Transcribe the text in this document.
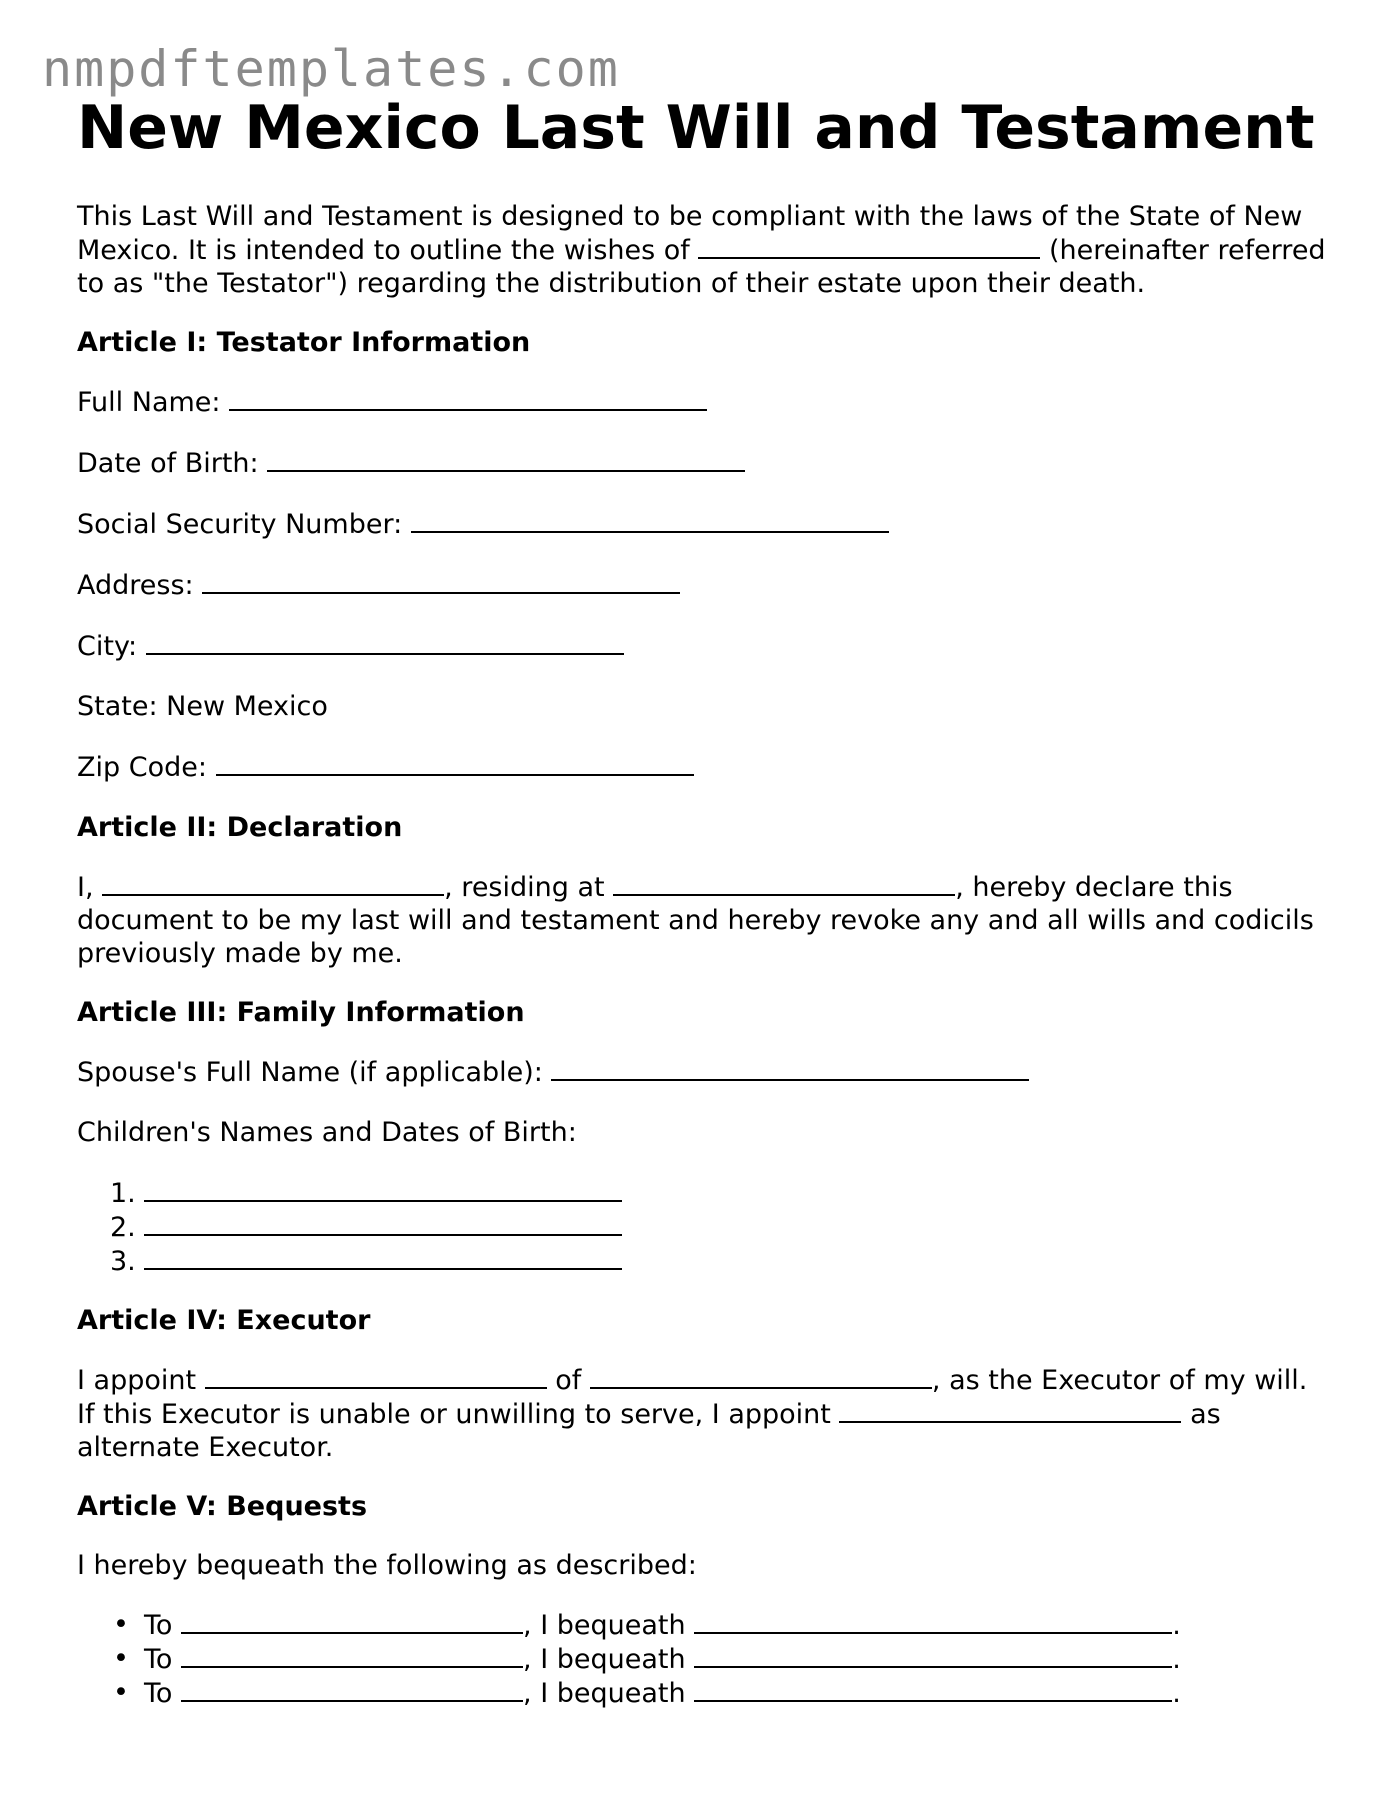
nmpdftemplates.com
New Mexico Last Will and Testament

This Last Will and Testament is designed to be compliant with the laws of the State of New Mexico. It is intended to outline the wishes of	(hereinafter referred to as "the Testator") regarding the distribution of their estate upon their death.

Article I: Testator Information
Full Name:
Date of Birth:
Social Security Number:
Address:
City:
State: New Mexico
Zip Code:
Article II: Declaration

I,	, residing at	, hereby declare this document to be my last will and testament and hereby revoke any and all wills and codicils previously made by me.

Article III: Family Information
Spouse's Full Name (if applicable):
Children's Names and Dates of Birth:
1.
2.
3.
Article IV: Executor

I appoint	of	, as the Executor of my will. If this Executor is unable or unwilling to serve, I appoint	as alternate Executor.

Article V: Bequests

I hereby bequeath the following as described:

• To	, I bequeath	.
• To	, I bequeath	.
• To	, I bequeath	.
